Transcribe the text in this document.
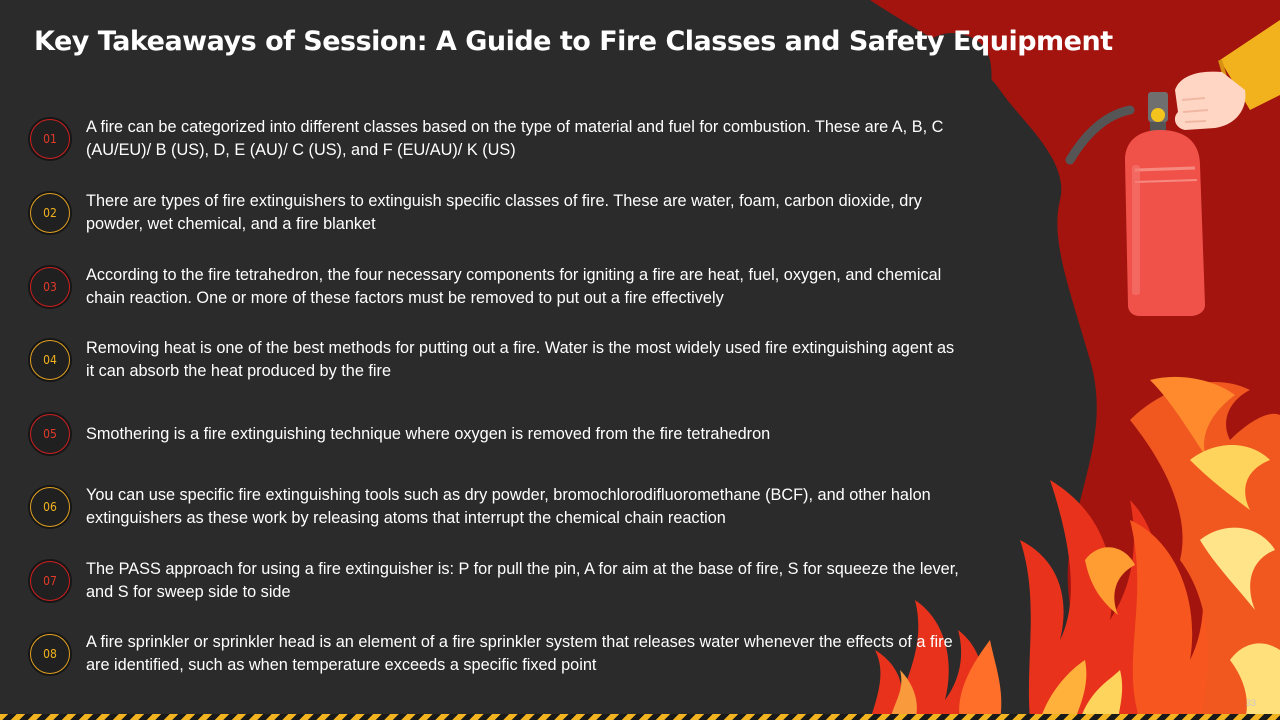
Key Takeaways of Session: A Guide to Fire Classes and Safety Equipment
01
A fire can be categorized into different classes based on the type of material and fuel for combustion. These are A, B, C (AU/EU)/ B (US), D, E (AU)/ C (US), and F (EU/AU)/ K (US)
02
There are types of fire extinguishers to extinguish specific classes of fire. These are water, foam, carbon dioxide, dry powder, wet chemical, and a fire blanket
03
According to the fire tetrahedron, the four necessary components for igniting a fire are heat, fuel, oxygen, and chemical chain reaction. One or more of these factors must be removed to put out a fire effectively
04
Removing heat is one of the best methods for putting out a fire. Water is the most widely used fire extinguishing agent as it can absorb the heat produced by the fire
05	Smothering is a fire extinguishing technique where oxygen is removed from the fire tetrahedron
06
You can use specific fire extinguishing tools such as dry powder, bromochlorodifluoromethane (BCF), and other halon extinguishers as these work by releasing atoms that interrupt the chemical chain reaction
07
The PASS approach for using a fire extinguisher is: P for pull the pin, A for aim at the base of fire, S for squeeze the lever, and S for sweep side to side
08
A fire sprinkler or sprinkler head is an element of a fire sprinkler system that releases water whenever the effects of a fire are identified, such as when temperature exceeds a specific fixed point
33
